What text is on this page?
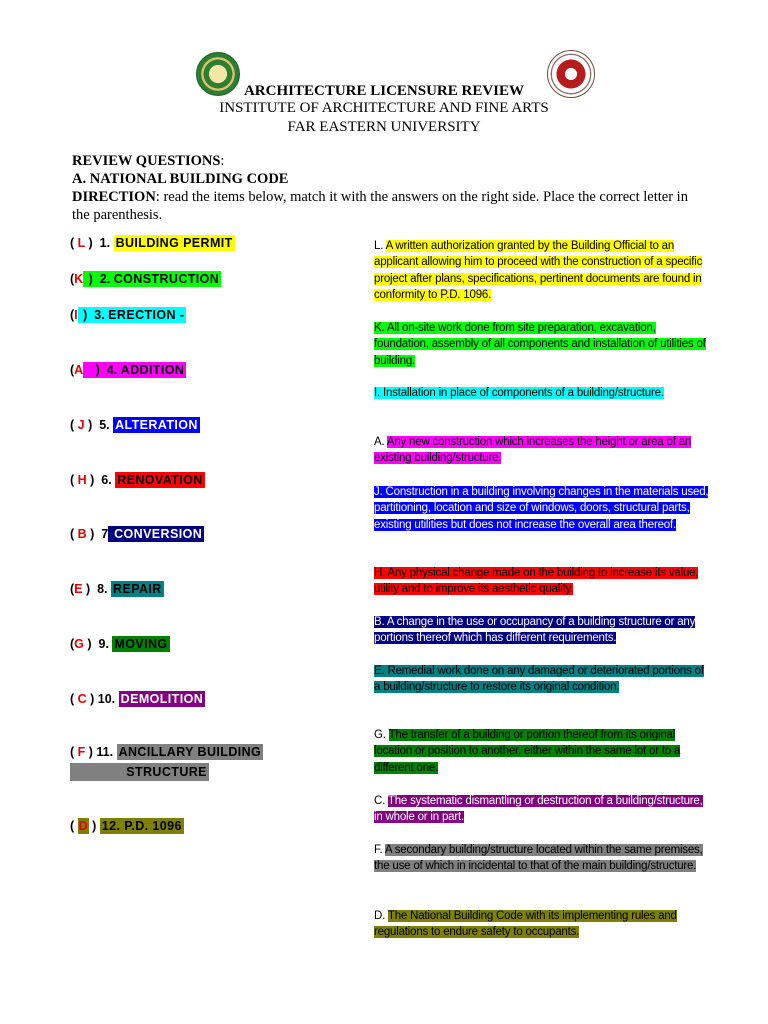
A
ARCHITECTURE LICENSURE REVIEW
INSTITUTE OF ARCHITECTURE AND FINE ARTS
FAR EASTERN UNIVERSITY
REVIEW QUESTIONS:
A. NATIONAL BUILDING CODE
DIRECTION: read the items below, match it with the answers on the right side. Place the correct letter in the parenthesis.
( L )  1. BUILDING PERMIT
(K )  2. CONSTRUCTION
(I )  3. ERECTION -
(A   )  4. ADDITION
( J )  5. ALTERATION
( H )  6. RENOVATION
( B )  7 CONVERSION
(E )  8. REPAIR
(G )  9. MOVING
( C ) 10. DEMOLITION
( F ) 11. ANCILLARY BUILDING
STRUCTURE
( D ) 12. P.D. 1096
L. A written authorization granted by the Building Official to an applicant allowing him to proceed with the construction of a specific project after plans, specifications, pertinent documents are found in conformity to P.D. 1096.
K. All on-site work done from site preparation, excavation, foundation, assembly of all components and installation of utilities of building.
I. Installation in place of components of a building/structure.
A. Any new construction which increases the height or area of an existing building/structure.
J. Construction in a building involving changes in the materials used, partitioning, location and size of windows, doors, structural parts, existing utilities but does not increase the overall area thereof.
H. Any physical change made on the building to increase its value, utility and to improve its aesthetic quality.
B. A change in the use or occupancy of a building structure or any portions thereof which has different requirements.
E. Remedial work done on any damaged or deteriorated portions of a building/structure to restore its original condition.
G. The transfer of a building or portion thereof from its original location or position to another, either within the same lot or to a different one.
C. The systematic dismantling or destruction of a building/structure, in whole or in part.
F. A secondary building/structure located within the same premises, the use of which in incidental to that of the main building/structure.
D. The National Building Code with its implementing rules and regulations to endure safety to occupants.
